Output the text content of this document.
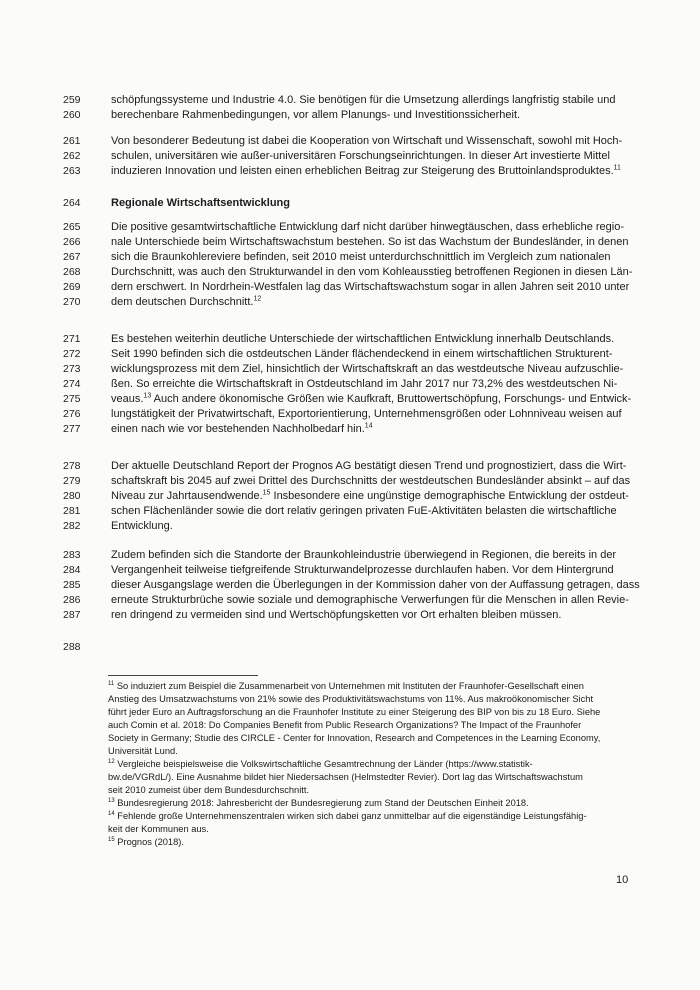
259	schöpfungssysteme und Industrie 4.0. Sie benötigen für die Umsetzung allerdings langfristig stabile und
260	berechenbare Rahmenbedingungen, vor allem Planungs- und Investitionssicherheit.
261	Von besonderer Bedeutung ist dabei die Kooperation von Wirtschaft und Wissenschaft, sowohl mit Hoch-
262	schulen, universitären wie außer-universitären Forschungseinrichtungen. In dieser Art investierte Mittel
263	induzieren Innovation und leisten einen erheblichen Beitrag zur Steigerung des Bruttoinlandsproduktes.$^{11}$
264	Regionale Wirtschaftsentwicklung
265	Die positive gesamtwirtschaftliche Entwicklung darf nicht darüber hinwegtäuschen, dass erhebliche regio-
266	nale Unterschiede beim Wirtschaftswachstum bestehen. So ist das Wachstum der Bundesländer, in denen
267	sich die Braunkohlereviere befinden, seit 2010 meist unterdurchschnittlich im Vergleich zum nationalen
268	Durchschnitt, was auch den Strukturwandel in den vom Kohleausstieg betroffenen Regionen in diesen Län-
269	dern erschwert. In Nordrhein-Westfalen lag das Wirtschaftswachstum sogar in allen Jahren seit 2010 unter
270	dem deutschen Durchschnitt.$^{12}$
271	Es bestehen weiterhin deutliche Unterschiede der wirtschaftlichen Entwicklung innerhalb Deutschlands.
272	Seit 1990 befinden sich die ostdeutschen Länder flächendeckend in einem wirtschaftlichen Strukturent-
273	wicklungsprozess mit dem Ziel, hinsichtlich der Wirtschaftskraft an das westdeutsche Niveau aufzuschlie-
274	ßen. So erreichte die Wirtschaftskraft in Ostdeutschland im Jahr 2017 nur 73,2% des westdeutschen Ni-
275	veaus.$^{13}$ Auch andere ökonomische Größen wie Kaufkraft, Bruttowertschöpfung, Forschungs- und Entwick-
276	lungstätigkeit der Privatwirtschaft, Exportorientierung, Unternehmensgrößen oder Lohnniveau weisen auf
277	einen nach wie vor bestehenden Nachholbedarf hin.$^{14}$
278	Der aktuelle Deutschland Report der Prognos AG bestätigt diesen Trend und prognostiziert, dass die Wirt-
279	schaftskraft bis 2045 auf zwei Drittel des Durchschnitts der westdeutschen Bundesländer absinkt – auf das
280	Niveau zur Jahrtausendwende.$^{15}$ Insbesondere eine ungünstige demographische Entwicklung der ostdeut-
281	schen Flächenländer sowie die dort relativ geringen privaten FuE-Aktivitäten belasten die wirtschaftliche
282	Entwicklung.
283	Zudem befinden sich die Standorte der Braunkohleindustrie überwiegend in Regionen, die bereits in der
284	Vergangenheit teilweise tiefgreifende Strukturwandelprozesse durchlaufen haben. Vor dem Hintergrund
285	dieser Ausgangslage werden die Überlegungen in der Kommission daher von der Auffassung getragen, dass
286	erneute Strukturbrüche sowie soziale und demographische Verwerfungen für die Menschen in allen Revie-
287	ren dringend zu vermeiden sind und Wertschöpfungsketten vor Ort erhalten bleiben müssen.
288
$^{11}$ So induziert zum Beispiel die Zusammenarbeit von Unternehmen mit Instituten der Fraunhofer-Gesellschaft einen
Anstieg des Umsatzwachstums von 21% sowie des Produktivitätswachstums von 11%. Aus makroökonomischer Sicht
führt jeder Euro an Auftragsforschung an die Fraunhofer Institute zu einer Steigerung des BIP von bis zu 18 Euro. Siehe
auch Comin et al. 2018: Do Companies Benefit from Public Research Organizations? The Impact of the Fraunhofer
Society in Germany; Studie des CIRCLE - Center for Innovation, Research and Competences in the Learning Economy,
Universität Lund.
$^{12}$ Vergleiche beispielsweise die Volkswirtschaftliche Gesamtrechnung der Länder (https://www.statistik-
bw.de/VGRdL/). Eine Ausnahme bildet hier Niedersachsen (Helmstedter Revier). Dort lag das Wirtschaftswachstum
seit 2010 zumeist über dem Bundesdurchschnitt.
$^{13}$ Bundesregierung 2018: Jahresbericht der Bundesregierung zum Stand der Deutschen Einheit 2018.
$^{14}$ Fehlende große Unternehmenszentralen wirken sich dabei ganz unmittelbar auf die eigenständige Leistungsfähig-
keit der Kommunen aus.
$^{15}$ Prognos (2018).
10
